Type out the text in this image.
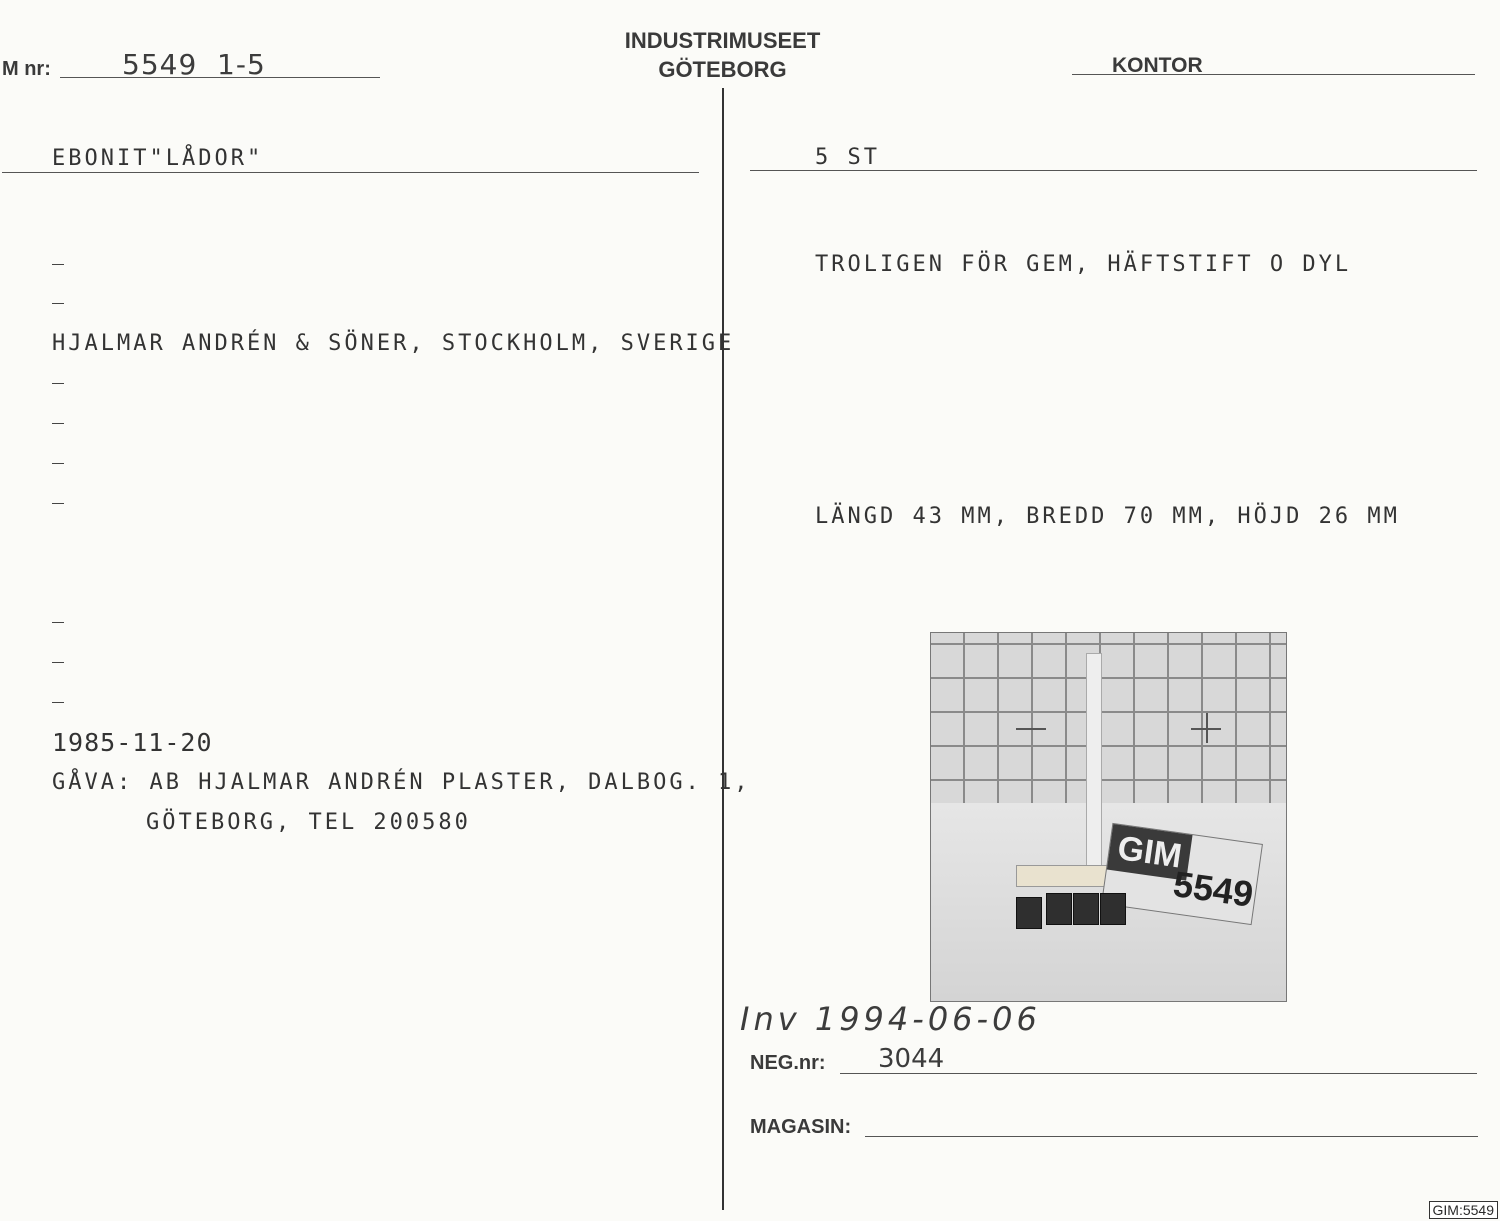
INDUSTRIMUSEET
GÖTEBORG
M nr:	5549  1-5	KONTOR
EBONIT"LÅDOR"
HJALMAR ANDRÉN & SÖNER, STOCKHOLM, SVERIGE
1985-11-20
GÅVA: AB HJALMAR ANDRÉN PLASTER, DALBOG. 1,
GÖTEBORG, TEL 200580
5 ST
TROLIGEN FÖR GEM, HÄFTSTIFT O DYL
LÄNGD 43 MM, BREDD 70 MM, HÖJD 26 MM
GIM
5549
Inv 1994-06-06
NEG.nr: 3044
MAGASIN:
GIM:5549
